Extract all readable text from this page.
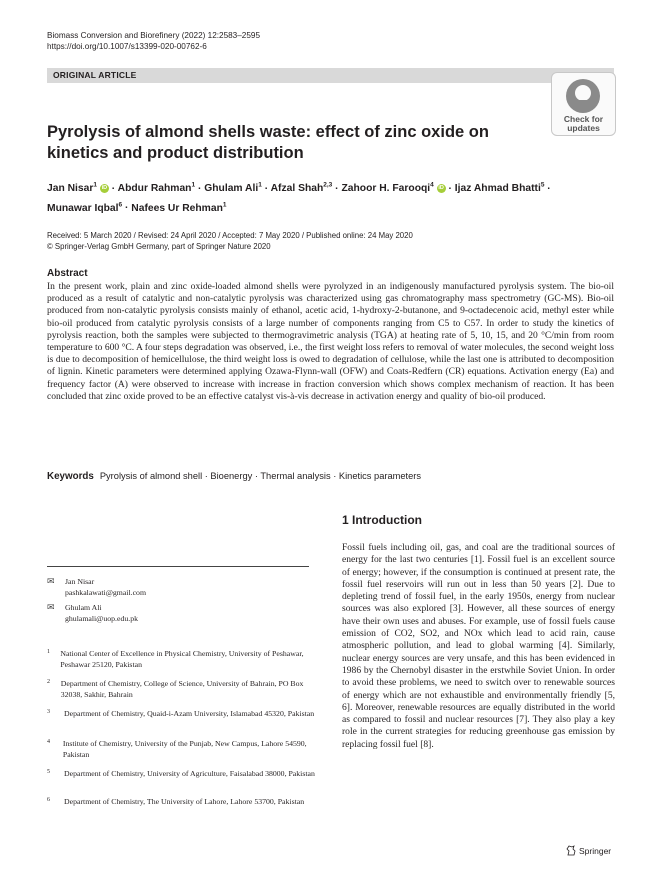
Biomass Conversion and Biorefinery (2022) 12:2583–2595
https://doi.org/10.1007/s13399-020-00762-6
ORIGINAL ARTICLE
Check for
updates
Pyrolysis of almond shells waste: effect of zinc oxide on kinetics and product distribution
Jan Nisar$^1$ iD · Abdur Rahman$^1$ · Ghulam Ali$^1$ · Afzal Shah$^{2,3}$ · Zahoor H. Farooqi$^4$ iD · Ijaz Ahmad Bhatti$^5$ ·
Munawar Iqbal$^6$ · Nafees Ur Rehman$^1$
Received: 5 March 2020 / Revised: 24 April 2020 / Accepted: 7 May 2020 / Published online: 24 May 2020
© Springer-Verlag GmbH Germany, part of Springer Nature 2020
Abstract
In the present work, plain and zinc oxide-loaded almond shells were pyrolyzed in an indigenously manufactured pyrolysis system. The bio-oil produced as a result of catalytic and non-catalytic pyrolysis was characterized using gas chromatography mass spectrometry (GC-MS). Bio-oil produced from non-catalytic pyrolysis consists mainly of ethanol, acetic acid, 1-hydroxy-2-butanone, and 9-octadecenoic acid, methyl ester while bio-oil produced from catalytic pyrolysis consists of a large number of components ranging from C5 to C57. In order to study the kinetics of pyrolysis reaction, both the samples were subjected to thermogravimetric analysis (TGA) at heating rate of 5, 10, 15, and 20 °C/min from room temperature to 600 °C. A four steps degradation was observed, i.e., the first weight loss refers to removal of water molecules, the second weight loss is due to decomposition of hemicellulose, the third weight loss is owed to degradation of cellulose, while the last one is attributed to decomposition of lignin. Kinetic parameters were determined applying Ozawa-Flynn-wall (OFW) and Coats-Redfern (CR) equations. Activation energy (Ea) and frequency factor (A) were observed to increase with increase in fraction conversion which shows complex mechanism of reaction. It has been concluded that zinc oxide proved to be an effective catalyst vis-à-vis decrease in activation energy and quality of bio-oil produced.
Keywords Pyrolysis of almond shell · Bioenergy · Thermal analysis · Kinetics parameters
1 Introduction
Fossil fuels including oil, gas, and coal are the traditional sources of energy for the last two centuries [1]. Fossil fuel is an excellent source of energy; however, if the consumption is continued at present rate, the fossil fuel reservoirs will run out in less than 50 years [2]. Due to depleting trend of fossil fuel, in the early 1950s, energy from nuclear sources was also explored [3]. However, all these sources of energy have their own uses and abuses. For example, use of fossil fuels cause emission of CO2, SO2, and NOx which lead to acid rain, cause atmospheric pollution, and lead to global warming [4]. Similarly, nuclear energy sources are very unsafe, and this has been evidenced in 1986 by the Chernobyl disaster in the erstwhile Soviet Union. In order to avoid these problems, we need to switch over to renewable sources of energy which are not exhaustible and environmentally friendly [5, 6]. Moreover, renewable resources are equally distributed in the world as compared to fossil and nuclear resources [7]. They also play a key role in the current strategies for reducing greenhouse gas emission by replacing fossil fuel [8].
✉	Jan Nisar
pashkalawati@gmail.com
✉	Ghulam Ali
ghulamali@uop.edu.pk
1	National Center of Excellence in Physical Chemistry, University of Peshawar, Peshawar 25120, Pakistan
2	Department of Chemistry, College of Science, University of Bahrain, PO Box 32038, Sakhir, Bahrain
3	Department of Chemistry, Quaid-i-Azam University, Islamabad 45320, Pakistan
4	Institute of Chemistry, University of the Punjab, New Campus, Lahore 54590, Pakistan
5	Department of Chemistry, University of Agriculture, Faisalabad 38000, Pakistan
6	Department of Chemistry, The University of Lahore, Lahore 53700, Pakistan
Springer
